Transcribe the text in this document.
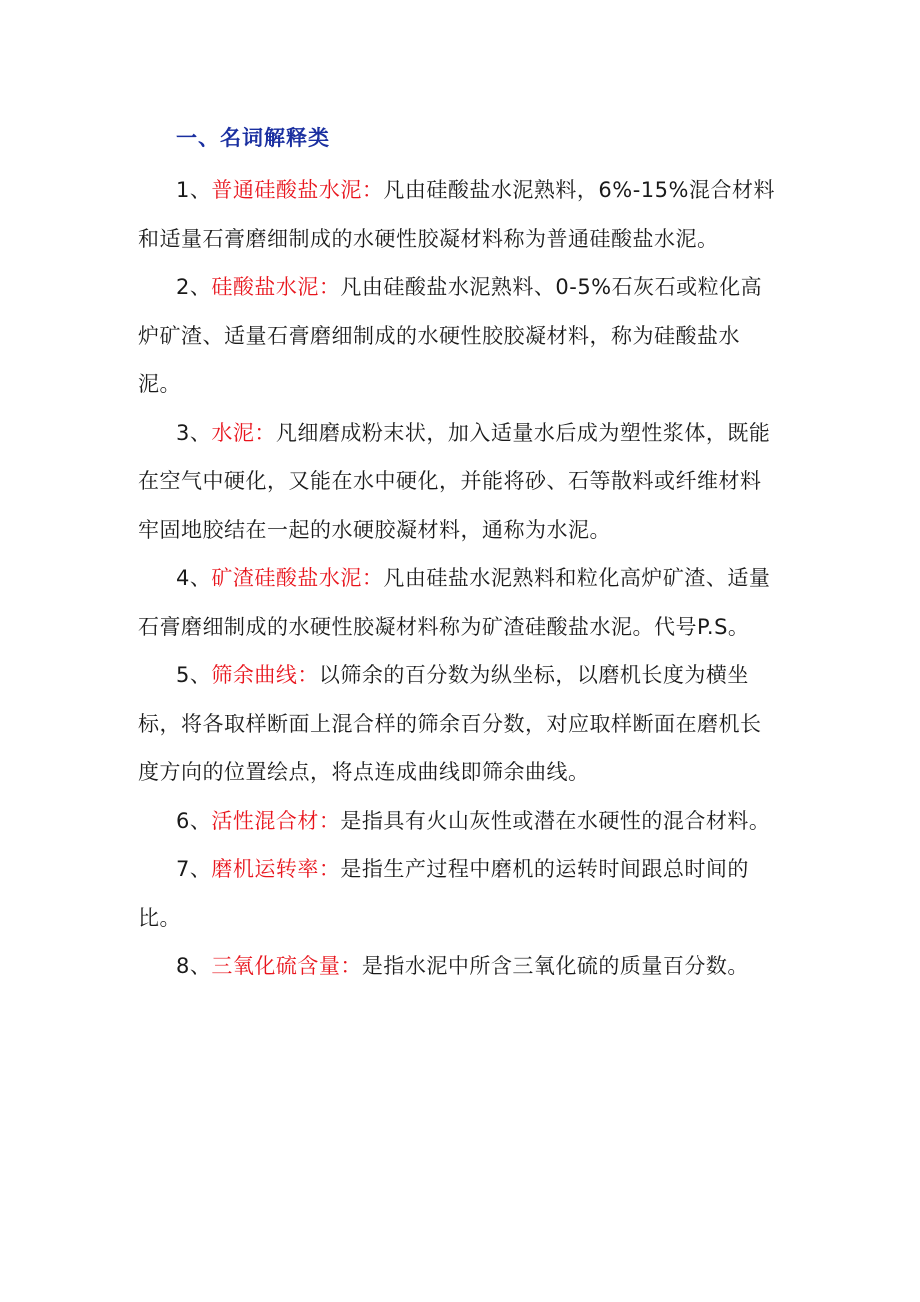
一、名词解释类

1、普通硅酸盐水泥：凡由硅酸盐水泥熟料，6%-15%混合材料和适量石膏磨细制成的水硬性胶凝材料称为普通硅酸盐水泥。

2、硅酸盐水泥：凡由硅酸盐水泥熟料、0-5%石灰石或粒化高炉矿渣、适量石膏磨细制成的水硬性胶胶凝材料，称为硅酸盐水泥。

3、水泥：凡细磨成粉末状，加入适量水后成为塑性浆体，既能在空气中硬化，又能在水中硬化，并能将砂、石等散料或纤维材料牢固地胶结在一起的水硬胶凝材料，通称为水泥。

4、矿渣硅酸盐水泥：凡由硅盐水泥熟料和粒化高炉矿渣、适量石膏磨细制成的水硬性胶凝材料称为矿渣硅酸盐水泥。代号P.S。

5、筛余曲线：以筛余的百分数为纵坐标，以磨机长度为横坐标，将各取样断面上混合样的筛余百分数，对应取样断面在磨机长度方向的位置绘点，将点连成曲线即筛余曲线。

6、活性混合材：是指具有火山灰性或潜在水硬性的混合材料。

7、磨机运转率：是指生产过程中磨机的运转时间跟总时间的比。

8、三氧化硫含量：是指水泥中所含三氧化硫的质量百分数。
